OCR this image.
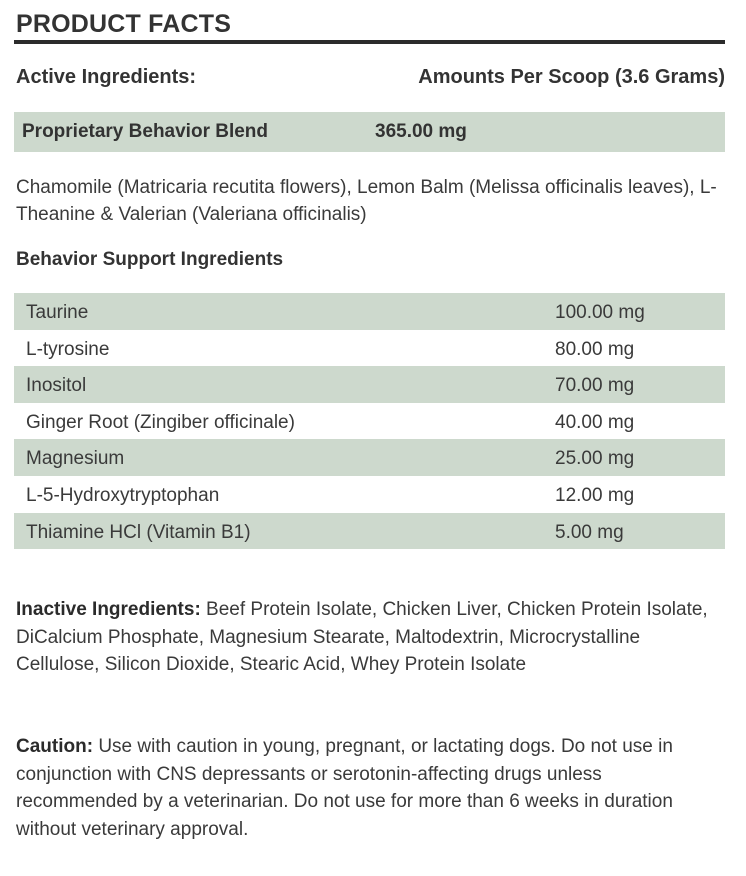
PRODUCT FACTS
Active Ingredients:	Amounts Per Scoop (3.6 Grams)
Proprietary Behavior Blend	365.00 mg
Chamomile (Matricaria recutita flowers), Lemon Balm (Melissa officinalis leaves), L-Theanine & Valerian (Valeriana officinalis)
Behavior Support Ingredients
Taurine	100.00 mg
L-tyrosine	80.00 mg
Inositol	70.00 mg
Ginger Root (Zingiber officinale)	40.00 mg
Magnesium	25.00 mg
L-5-Hydroxytryptophan	12.00 mg
Thiamine HCl (Vitamin B1)	5.00 mg
Inactive Ingredients: Beef Protein Isolate, Chicken Liver, Chicken Protein Isolate, DiCalcium Phosphate, Magnesium Stearate, Maltodextrin, Microcrystalline Cellulose, Silicon Dioxide, Stearic Acid, Whey Protein Isolate
Caution: Use with caution in young, pregnant, or lactating dogs. Do not use in conjunction with CNS depressants or serotonin-affecting drugs unless recommended by a veterinarian. Do not use for more than 6 weeks in duration without veterinary approval.
